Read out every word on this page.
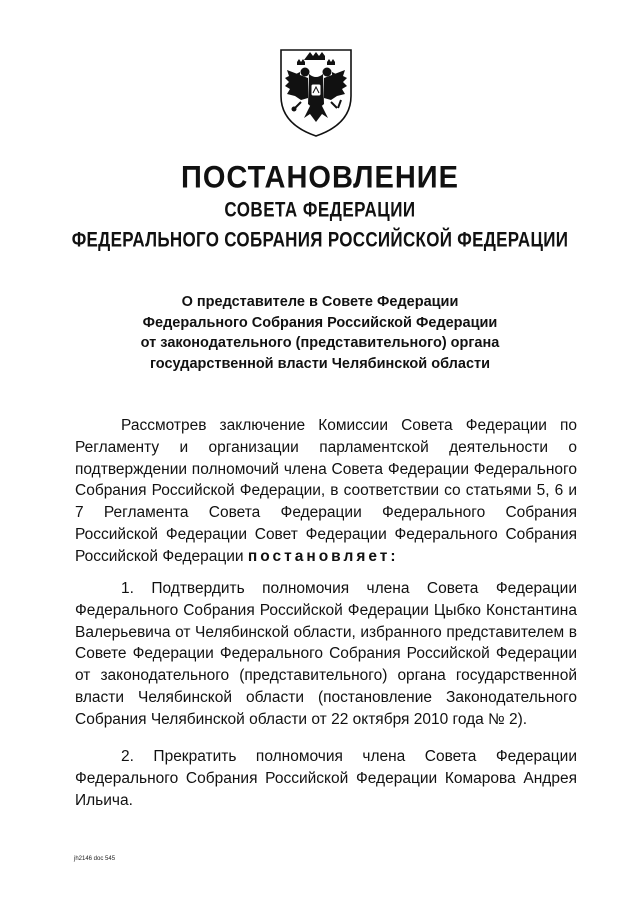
ПОСТАНОВЛЕНИЕ
СОВЕТА ФЕДЕРАЦИИ
ФЕДЕРАЛЬНОГО СОБРАНИЯ РОССИЙСКОЙ ФЕДЕРАЦИИ
О представителе в Совете Федерации
Федерального Собрания Российской Федерации
от законодательного (представительного) органа
государственной власти Челябинской области

Рассмотрев заключение Комиссии Совета Федерации по Регламенту и организации парламентской деятельности о подтверждении полномочий члена Совета Федерации Федерального Собрания Российской Федерации, в соответствии со статьями 5, 6 и 7 Регламента Совета Федерации Федерального Собрания Российской Федерации Совет Федерации Федерального Собрания Российской Федерации постановляет:

1. Подтвердить полномочия члена Совета Федерации Федерального Собрания Российской Федерации Цыбко Константина Валерьевича от Челябинской области, избранного представителем в Совете Федерации Федерального Собрания Российской Федерации от законодательного (представительного) органа государственной власти Челябинской области (постановление Законодательного Собрания Челябинской области от 22 октября 2010 года № 2).

2. Прекратить полномочия члена Совета Федерации Федерального Собрания Российской Федерации Комарова Андрея Ильича.

jh2146 doc 545
